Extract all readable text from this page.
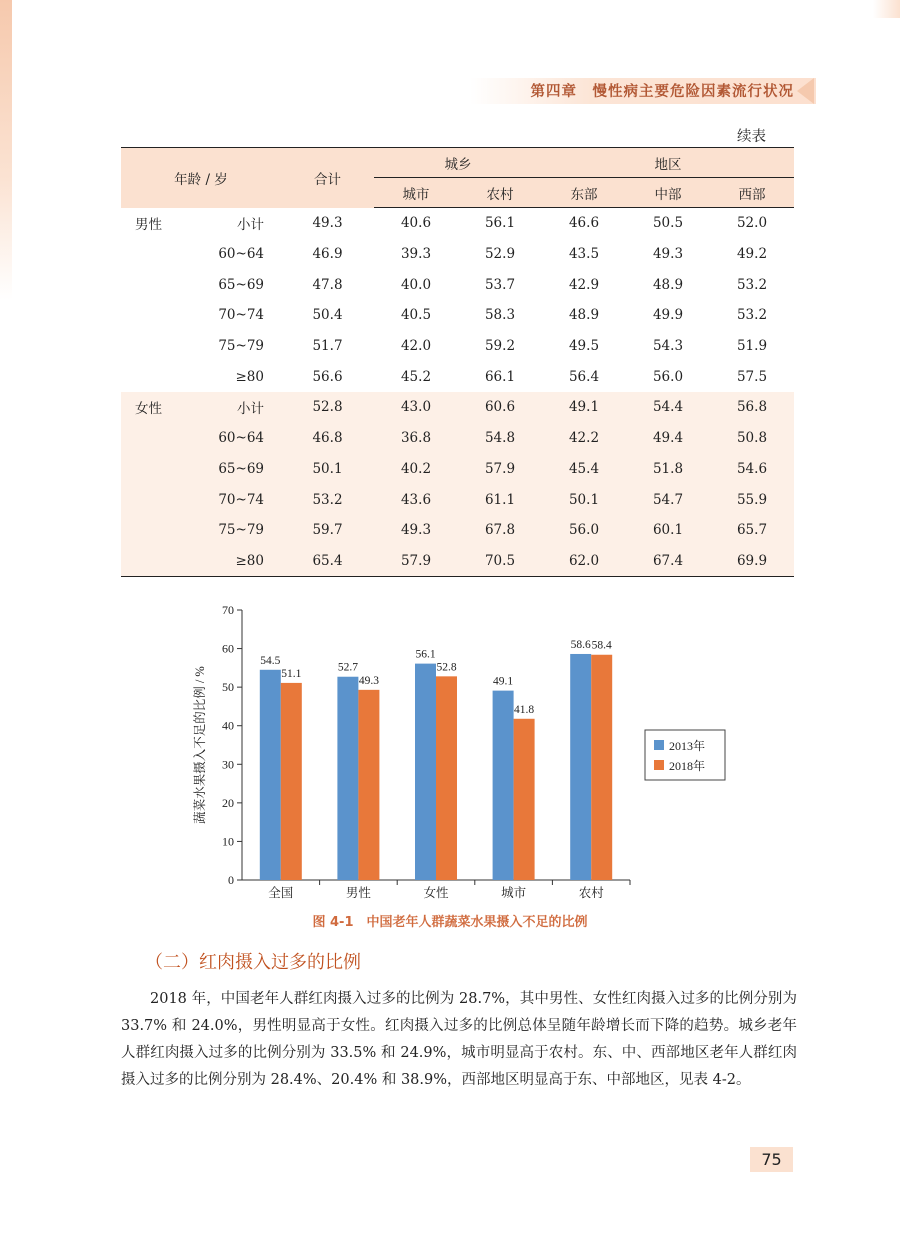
第四章　慢性病主要危险因素流行状况
续表
年龄 / 岁		合计	城乡		地区		
			城市	农村	东部	中部	西部
男性	小计	49.3	40.6	56.1	46.6	50.5	52.0
	60~64	46.9	39.3	52.9	43.5	49.3	49.2
	65~69	47.8	40.0	53.7	42.9	48.9	53.2
	70~74	50.4	40.5	58.3	48.9	49.9	53.2
	75~79	51.7	42.0	59.2	49.5	54.3	51.9
	≥80	56.6	45.2	66.1	56.4	56.0	57.5
女性	小计	52.8	43.0	60.6	49.1	54.4	56.8
	60~64	46.8	36.8	54.8	42.2	49.4	50.8
	65~69	50.1	40.2	57.9	45.4	51.8	54.6
	70~74	53.2	43.6	61.1	50.1	54.7	55.9
	75~79	59.7	49.3	67.8	56.0	60.1	65.7
	≥80	65.4	57.9	70.5	62.0	67.4	69.9
0
10
20
30
40
50
60
70
蔬菜水果摄入不足的比例 / %
54.5
51.1
全国
52.7
49.3
男性
56.1
52.8
女性
49.1
41.8
城市
58.6 58.4
农村
2013年
2018年
图 4-1　中国老年人群蔬菜水果摄入不足的比例
（二）红肉摄入过多的比例

2018 年，中国老年人群红肉摄入过多的比例为 28.7%，其中男性、女性红肉摄入过多的比例分别为 33.7% 和 24.0%，男性明显高于女性。红肉摄入过多的比例总体呈随年龄增长而下降的趋势。城乡老年人群红肉摄入过多的比例分别为 33.5% 和 24.9%，城市明显高于农村。东、中、西部地区老年人群红肉摄入过多的比例分别为 28.4%、20.4% 和 38.9%，西部地区明显高于东、中部地区，见表 4-2。

75
